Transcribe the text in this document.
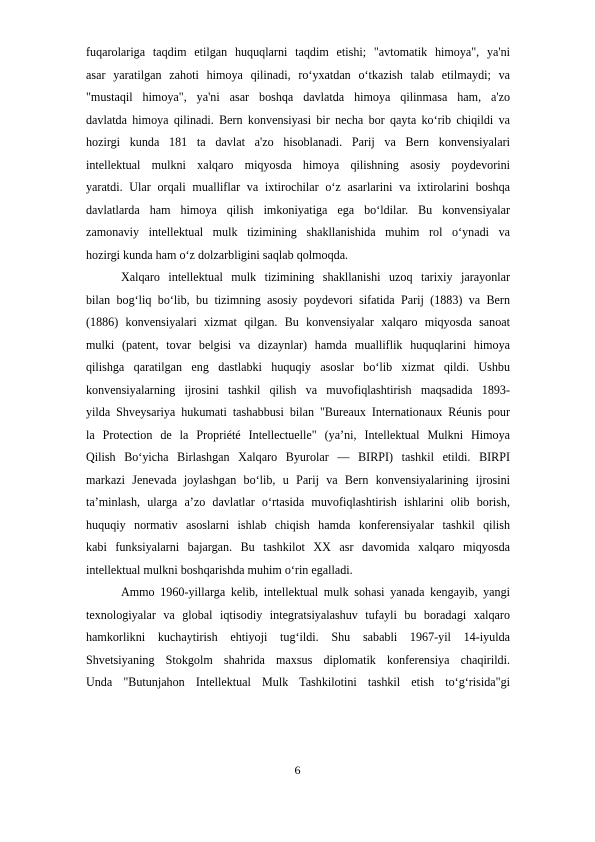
fuqarolariga taqdim etilgan huquqlarni taqdim etishi; "avtomatik himoya", ya'ni
asar yaratilgan zahoti himoya qilinadi, ro‘yxatdan o‘tkazish talab etilmaydi; va
"mustaqil himoya", ya'ni asar boshqa davlatda himoya qilinmasa ham, a'zo
davlatda himoya qilinadi. Bern konvensiyasi bir necha bor qayta ko‘rib chiqildi va
hozirgi kunda 181 ta davlat a'zo hisoblanadi. Parij va Bern konvensiyalari
intellektual mulkni xalqaro miqyosda himoya qilishning asosiy poydevorini
yaratdi. Ular orqali mualliflar va ixtirochilar o‘z asarlarini va ixtirolarini boshqa
davlatlarda ham himoya qilish imkoniyatiga ega bo‘ldilar. Bu konvensiyalar
zamonaviy intellektual mulk tizimining shakllanishida muhim rol o‘ynadi va
hozirgi kunda ham o‘z dolzarbligini saqlab qolmoqda.
Xalqaro intellektual mulk tizimining shakllanishi uzoq tarixiy jarayonlar
bilan bog‘liq bo‘lib, bu tizimning asosiy poydevori sifatida Parij (1883) va Bern
(1886) konvensiyalari xizmat qilgan. Bu konvensiyalar xalqaro miqyosda sanoat
mulki (patent, tovar belgisi va dizaynlar) hamda mualliflik huquqlarini himoya
qilishga qaratilgan eng dastlabki huquqiy asoslar bo‘lib xizmat qildi. Ushbu
konvensiyalarning ijrosini tashkil qilish va muvofiqlashtirish maqsadida 1893-
yilda Shveysariya hukumati tashabbusi bilan "Bureaux Internationaux Réunis pour
la Protection de la Propriété Intellectuelle" (ya’ni, Intellektual Mulkni Himoya
Qilish Bo‘yicha Birlashgan Xalqaro Byurolar — BIRPI) tashkil etildi. BIRPI
markazi Jenevada joylashgan bo‘lib, u Parij va Bern konvensiyalarining ijrosini
ta’minlash, ularga a’zo davlatlar o‘rtasida muvofiqlashtirish ishlarini olib borish,
huquqiy normativ asoslarni ishlab chiqish hamda konferensiyalar tashkil qilish
kabi funksiyalarni bajargan. Bu tashkilot XX asr davomida xalqaro miqyosda
intellektual mulkni boshqarishda muhim o‘rin egalladi.
Ammo 1960-yillarga kelib, intellektual mulk sohasi yanada kengayib, yangi
texnologiyalar va global iqtisodiy integratsiyalashuv tufayli bu boradagi xalqaro
hamkorlikni kuchaytirish ehtiyoji tug‘ildi. Shu sababli 1967-yil 14-iyulda
Shvetsiyaning Stokgolm shahrida maxsus diplomatik konferensiya chaqirildi.
Unda "Butunjahon Intellektual Mulk Tashkilotini tashkil etish to‘g‘risida"gi
6
